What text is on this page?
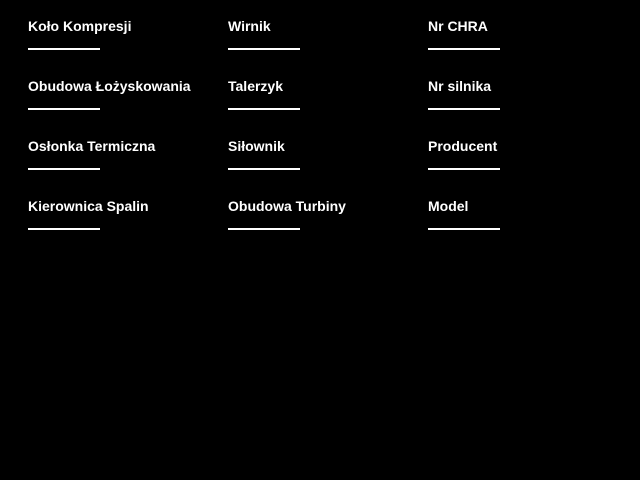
Koło Kompresji	Wirnik	Nr CHRA
Obudowa Łożyskowania	Talerzyk	Nr silnika
Osłonka Termiczna	Siłownik	Producent
Kierownica Spalin	Obudowa Turbiny	Model
